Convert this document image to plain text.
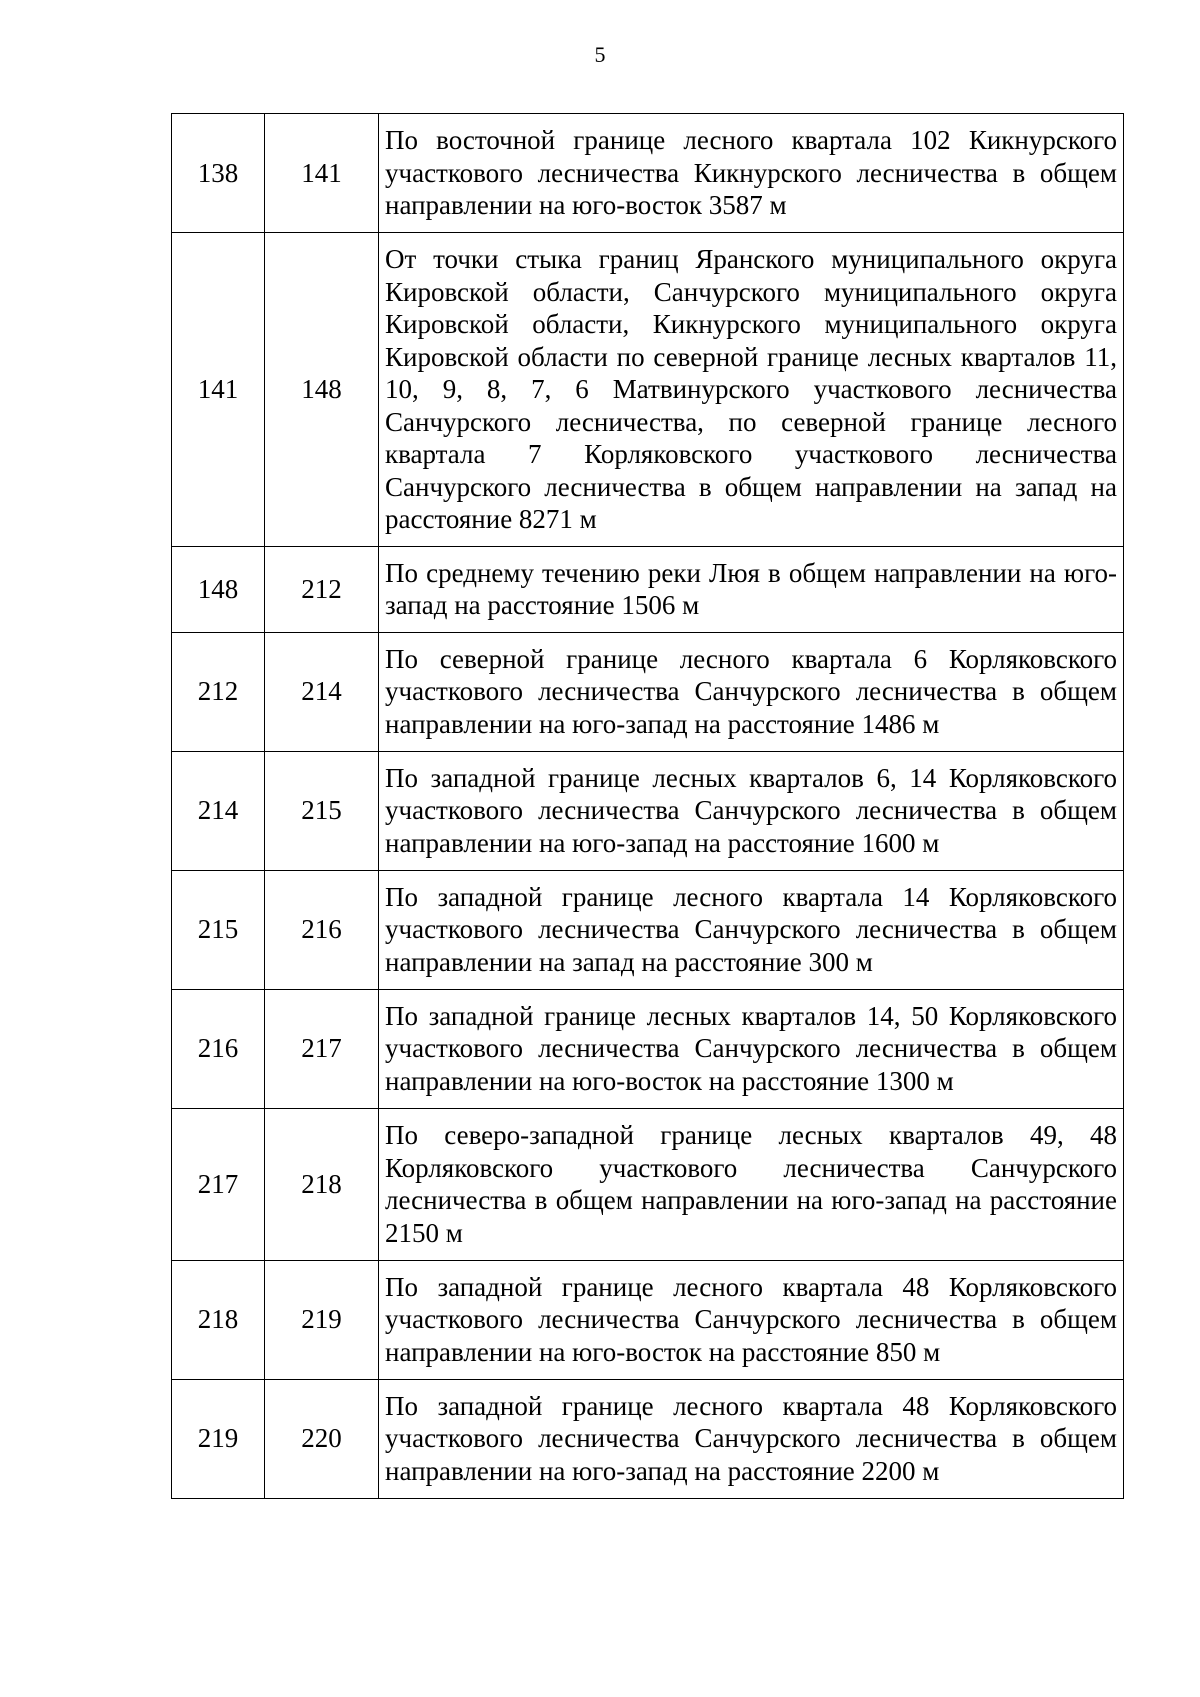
5
138	141	По восточной границе лесного квартала 102 Кикнурского участкового лесничества Кикнурского лесничества в общем направлении на юго-восток 3587 м
141	148	От точки стыка границ Яранского муниципального округа Кировской области, Санчурского муниципального округа Кировской области, Кикнурского муниципального округа Кировской области по северной границе лесных кварталов 11, 10, 9, 8, 7, 6 Матвинурского участкового лесничества Санчурского лесничества, по северной границе лесного квартала 7 Корляковского участкового лесничества Санчурского лесничества в общем направлении на запад на расстояние 8271 м
148	212	По среднему течению реки Люя в общем направлении на юго-запад на расстояние 1506 м
212	214	По северной границе лесного квартала 6 Корляковского участкового лесничества Санчурского лесничества в общем направлении на юго-запад на расстояние 1486 м
214	215	По западной границе лесных кварталов 6, 14 Корляковского участкового лесничества Санчурского лесничества в общем направлении на юго-запад на расстояние 1600 м
215	216	По западной границе лесного квартала 14 Корляковского участкового лесничества Санчурского лесничества в общем направлении на запад на расстояние 300 м
216	217	По западной границе лесных кварталов 14, 50 Корляковского участкового лесничества Санчурского лесничества в общем направлении на юго-восток на расстояние 1300 м
217	218	По северо-западной границе лесных кварталов 49, 48 Корляковского участкового лесничества Санчурского лесничества в общем направлении на юго-запад на расстояние 2150 м
218	219	По западной границе лесного квартала 48 Корляковского участкового лесничества Санчурского лесничества в общем направлении на юго-восток на расстояние 850 м
219	220	По западной границе лесного квартала 48 Корляковского участкового лесничества Санчурского лесничества в общем направлении на юго-запад на расстояние 2200 м
